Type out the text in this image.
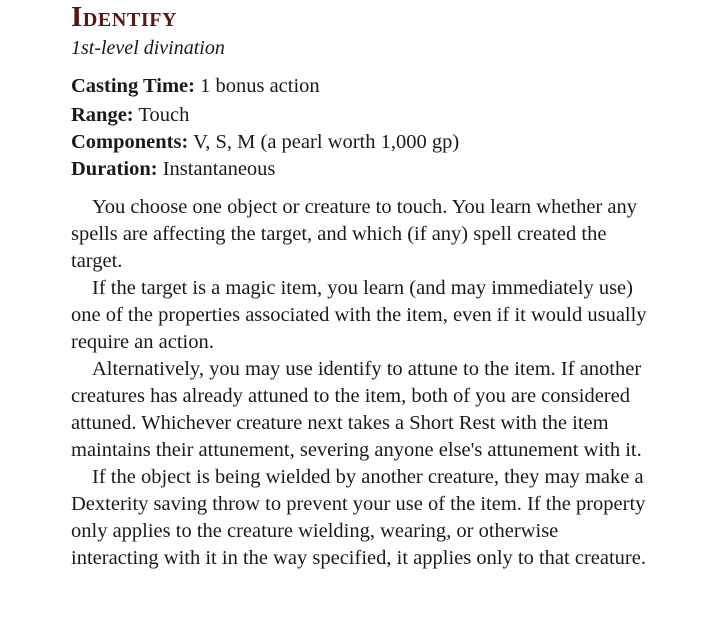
Identify
1st-level divination
Casting Time: 1 bonus action
Range: Touch
Components: V, S, M (a pearl worth 1,000 gp)
Duration: Instantaneous

You choose one object or creature to touch. You learn whether any spells are affecting the target, and which (if any) spell created the target.

If the target is a magic item, you learn (and may immediately use) one of the properties associated with the item, even if it would usually require an action.

Alternatively, you may use identify to attune to the item. If another creatures has already attuned to the item, both of you are considered attuned. Whichever creature next takes a Short Rest with the item maintains their attunement, severing anyone else's attunement with it.

If the object is being wielded by another creature, they may make a Dexterity saving throw to prevent your use of the item. If the property only applies to the creature wielding, wearing, or otherwise interacting with it in the way specified, it applies only to that creature.
